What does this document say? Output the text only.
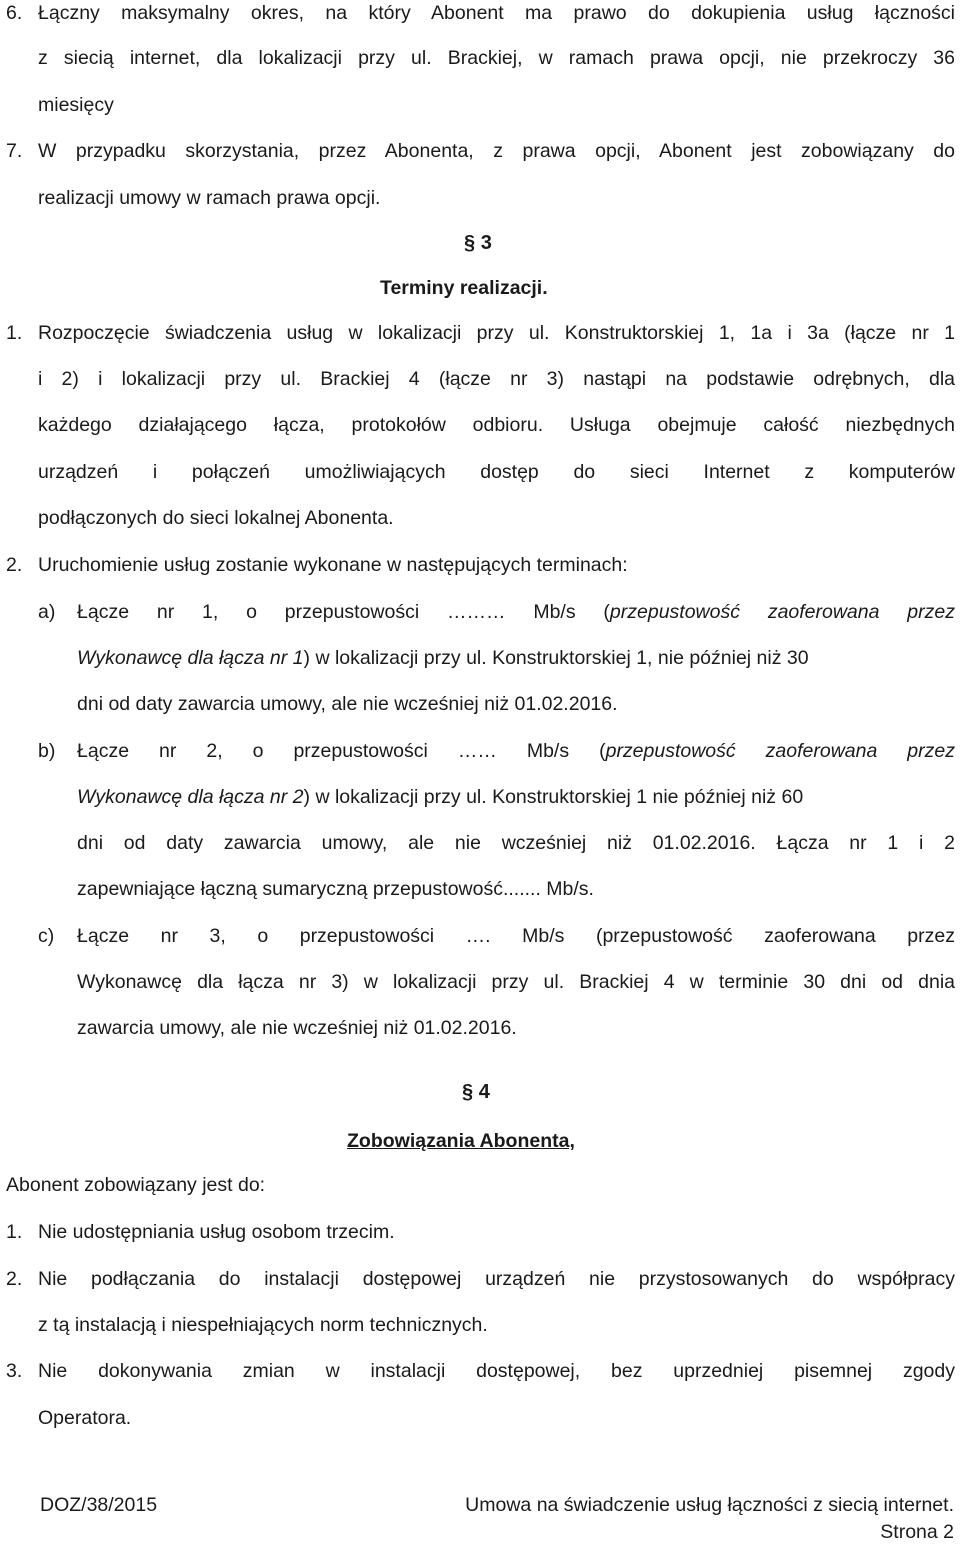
6. Łączny maksymalny okres, na który Abonent ma prawo do dokupienia usług łączności
z siecią internet, dla lokalizacji przy ul. Brackiej, w ramach prawa opcji, nie przekroczy 36
miesięcy
7. W przypadku skorzystania, przez Abonenta, z prawa opcji, Abonent jest zobowiązany do
realizacji umowy w ramach prawa opcji.
§ 3
Terminy realizacji.
1. Rozpoczęcie świadczenia usług w lokalizacji przy ul. Konstruktorskiej 1, 1a i 3a (łącze nr 1
i 2) i lokalizacji przy ul. Brackiej 4 (łącze nr 3) nastąpi na podstawie odrębnych, dla
każdego działającego łącza, protokołów odbioru. Usługa obejmuje całość niezbędnych
urządzeń i połączeń umożliwiających dostęp do sieci Internet z komputerów
podłączonych do sieci lokalnej Abonenta.
2. Uruchomienie usług zostanie wykonane w następujących terminach:
a) Łącze nr 1, o przepustowości ……… Mb/s (przepustowość zaoferowana przez
Wykonawcę dla łącza nr 1) w lokalizacji przy ul. Konstruktorskiej 1, nie później niż 30
dni od daty zawarcia umowy, ale nie wcześniej niż 01.02.2016.
b) Łącze nr 2, o przepustowości …… Mb/s (przepustowość zaoferowana przez
Wykonawcę dla łącza nr 2) w lokalizacji przy ul. Konstruktorskiej 1 nie później niż 60
dni od daty zawarcia umowy, ale nie wcześniej niż 01.02.2016. Łącza nr 1 i 2
zapewniające łączną sumaryczną przepustowość....... Mb/s.
c) Łącze nr 3, o przepustowości …. Mb/s (przepustowość zaoferowana przez
Wykonawcę dla łącza nr 3) w lokalizacji przy ul. Brackiej 4 w terminie 30 dni od dnia
zawarcia umowy, ale nie wcześniej niż 01.02.2016.
§ 4
Zobowiązania Abonenta,
Abonent zobowiązany jest do:
1. Nie udostępniania usług osobom trzecim.
2. Nie podłączania do instalacji dostępowej urządzeń nie przystosowanych do współpracy
z tą instalacją i niespełniających norm technicznych.
3. Nie dokonywania zmian w instalacji dostępowej, bez uprzedniej pisemnej zgody
Operatora.
DOZ/38/2015	Umowa na świadczenie usług łączności z siecią internet.
Strona 2
